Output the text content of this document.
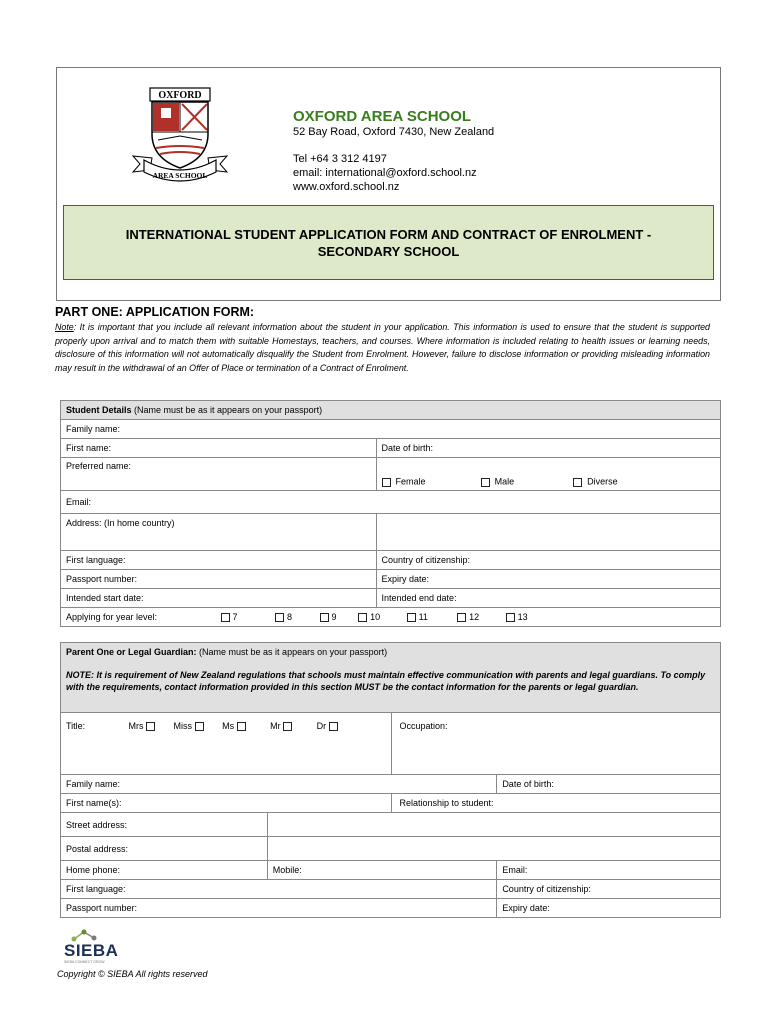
OXFORD
AREA SCHOOL
OXFORD AREA SCHOOL
52 Bay Road, Oxford 7430, New Zealand
Tel +64 3 312 4197
email: international@oxford.school.nz
www.oxford.school.nz
INTERNATIONAL STUDENT APPLICATION FORM AND CONTRACT OF ENROLMENT -
SECONDARY SCHOOL
PART ONE: APPLICATION FORM:
Note: It is important that you include all relevant information about the student in your application. This information is used to ensure that the student is supported properly upon arrival and to match them with suitable Homestays, teachers, and courses. Where information is included relating to health issues or learning needs, disclosure of this information will not automatically disqualify the Student from Enrolment. However, failure to disclose information or providing misleading information may result in the withdrawal of an Offer of Place or termination of a Contract of Enrolment.
Student Details (Name must be as it appears on your passport)	
Family name:	
First name:	Date of birth:
Preferred name:	Female Male Diverse
Email:	
Address: (In home country)	
First language:	Country of citizenship:
Passport number:	Expiry date:
Intended start date:	Intended end date:
Applying for year level: 7 8 9 10 11 12 13	
Parent One or Legal Guardian: (Name must be as it appears on your passport)
NOTE: It is requirement of New Zealand regulations that schools must maintain effective communication with parents and legal guardians. To comply with the requirements, contact information provided in this section MUST be the contact information for the parents or legal guardian.			

Title: Mrs Miss Ms Mr Dr		Occupation:	
Family name:			Date of birth:
First name(s):		Relationship to student:	
Street address:			
Postal address:			
Home phone:	Mobile:		Email:
First language:			Country of citizenship:
Passport number:			Expiry date:
SIEBA
SIEBA CONNECT GROW
Copyright © SIEBA All rights reserved
